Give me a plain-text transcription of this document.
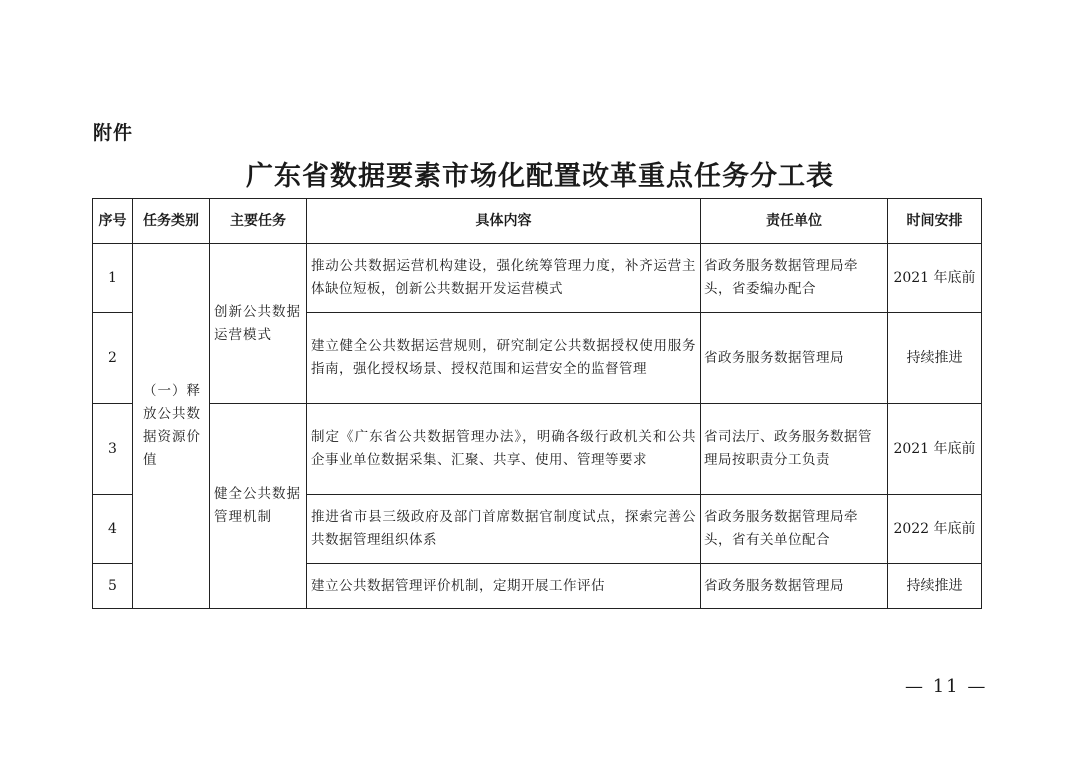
附件
广东省数据要素市场化配置改革重点任务分工表
序号	任务类别	主要任务	具体内容	责任单位	时间安排
1	（一）释放公共数据资源价值	创新公共数据运营模式	推动公共数据运营机构建设，强化统筹管理力度，补齐运营主体缺位短板，创新公共数据开发运营模式	省政务服务数据管理局牵头，省委编办配合	2021 年底前
2			建立健全公共数据运营规则，研究制定公共数据授权使用服务指南，强化授权场景、授权范围和运营安全的监督管理	省政务服务数据管理局	持续推进
3		健全公共数据管理机制	制定《广东省公共数据管理办法》，明确各级行政机关和公共企事业单位数据采集、汇聚、共享、使用、管理等要求	省司法厅、政务服务数据管理局按职责分工负责	2021 年底前
4			推进省市县三级政府及部门首席数据官制度试点，探索完善公共数据管理组织体系	省政务服务数据管理局牵头，省有关单位配合	2022 年底前
5			建立公共数据管理评价机制，定期开展工作评估	省政务服务数据管理局	持续推进
— 11 —
